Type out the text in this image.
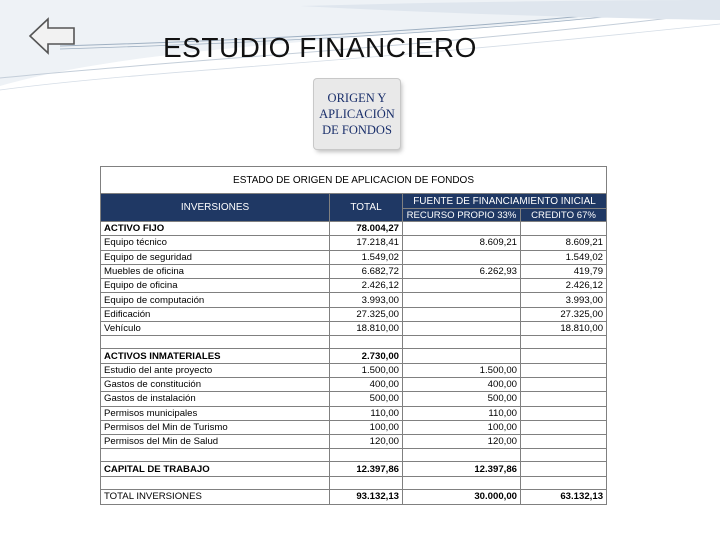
ESTUDIO FINANCIERO
ORIGEN Y
APLICACIÓN
DE FONDOS
ESTADO DE ORIGEN DE APLICACION DE FONDOS			
INVERSIONES	TOTAL	FUENTE DE FINANCIAMIENTO INICIAL	
		RECURSO PROPIO 33%	CREDITO 67%
ACTIVO FIJO	78.004,27		
Equipo técnico	17.218,41	8.609,21	8.609,21
Equipo de seguridad	1.549,02		1.549,02
Muebles de oficina	6.682,72	6.262,93	419,79
Equipo de oficina	2.426,12		2.426,12
Equipo de computación	3.993,00		3.993,00
Edificación	27.325,00		27.325,00
Vehículo	18.810,00		18.810,00

ACTIVOS INMATERIALES	2.730,00		
Estudio del ante proyecto	1.500,00	1.500,00	
Gastos de constitución	400,00	400,00	
Gastos de instalación	500,00	500,00	
Permisos municipales	110,00	110,00	
Permisos del Min de Turismo	100,00	100,00	
Permisos del Min de Salud	120,00	120,00	

CAPITAL DE TRABAJO	12.397,86	12.397,86	

TOTAL INVERSIONES	93.132,13	30.000,00	63.132,13
